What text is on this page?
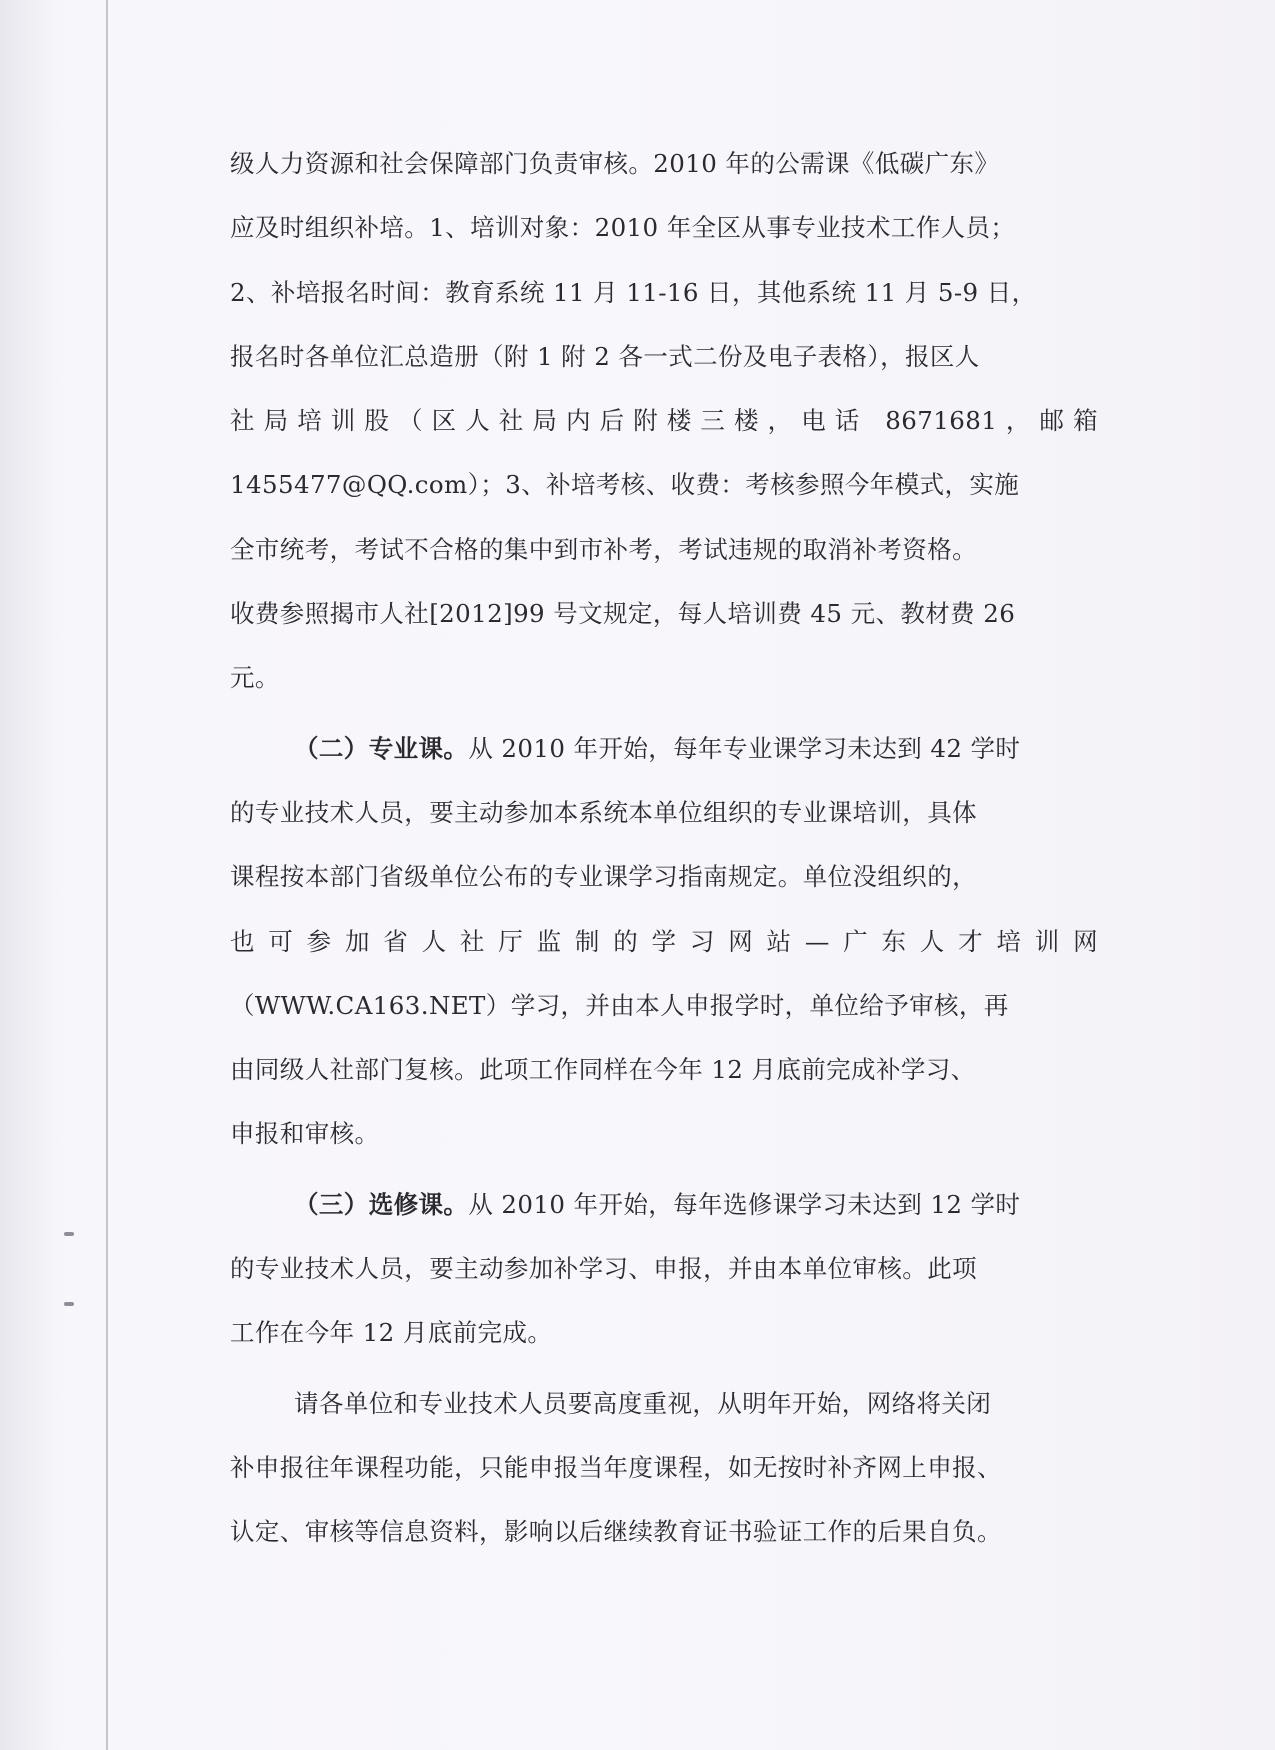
级人力资源和社会保障部门负责审核。2010 年的公需课《低碳广东》
应及时组织补培。1、培训对象：2010 年全区从事专业技术工作人员；
2、补培报名时间：教育系统 11 月 11-16 日，其他系统 11 月 5-9 日，
报名时各单位汇总造册（附 1 附 2 各一式二份及电子表格），报区人
社局培训股（区人社局内后附楼三楼，电话 8671681，邮箱
1455477@QQ.com）；3、补培考核、收费：考核参照今年模式，实施
全市统考，考试不合格的集中到市补考，考试违规的取消补考资格。
收费参照揭市人社[2012]99 号文规定，每人培训费 45 元、教材费 26
元。
（二）专业课。从 2010 年开始，每年专业课学习未达到 42 学时
的专业技术人员，要主动参加本系统本单位组织的专业课培训，具体
课程按本部门省级单位公布的专业课学习指南规定。单位没组织的，
也可参加省人社厅监制的学习网站—广东人才培训网
（WWW.CA163.NET）学习，并由本人申报学时，单位给予审核，再
由同级人社部门复核。此项工作同样在今年 12 月底前完成补学习、
申报和审核。
（三）选修课。从 2010 年开始，每年选修课学习未达到 12 学时
的专业技术人员，要主动参加补学习、申报，并由本单位审核。此项
工作在今年 12 月底前完成。
请各单位和专业技术人员要高度重视，从明年开始，网络将关闭
补申报往年课程功能，只能申报当年度课程，如无按时补齐网上申报、
认定、审核等信息资料，影响以后继续教育证书验证工作的后果自负。
